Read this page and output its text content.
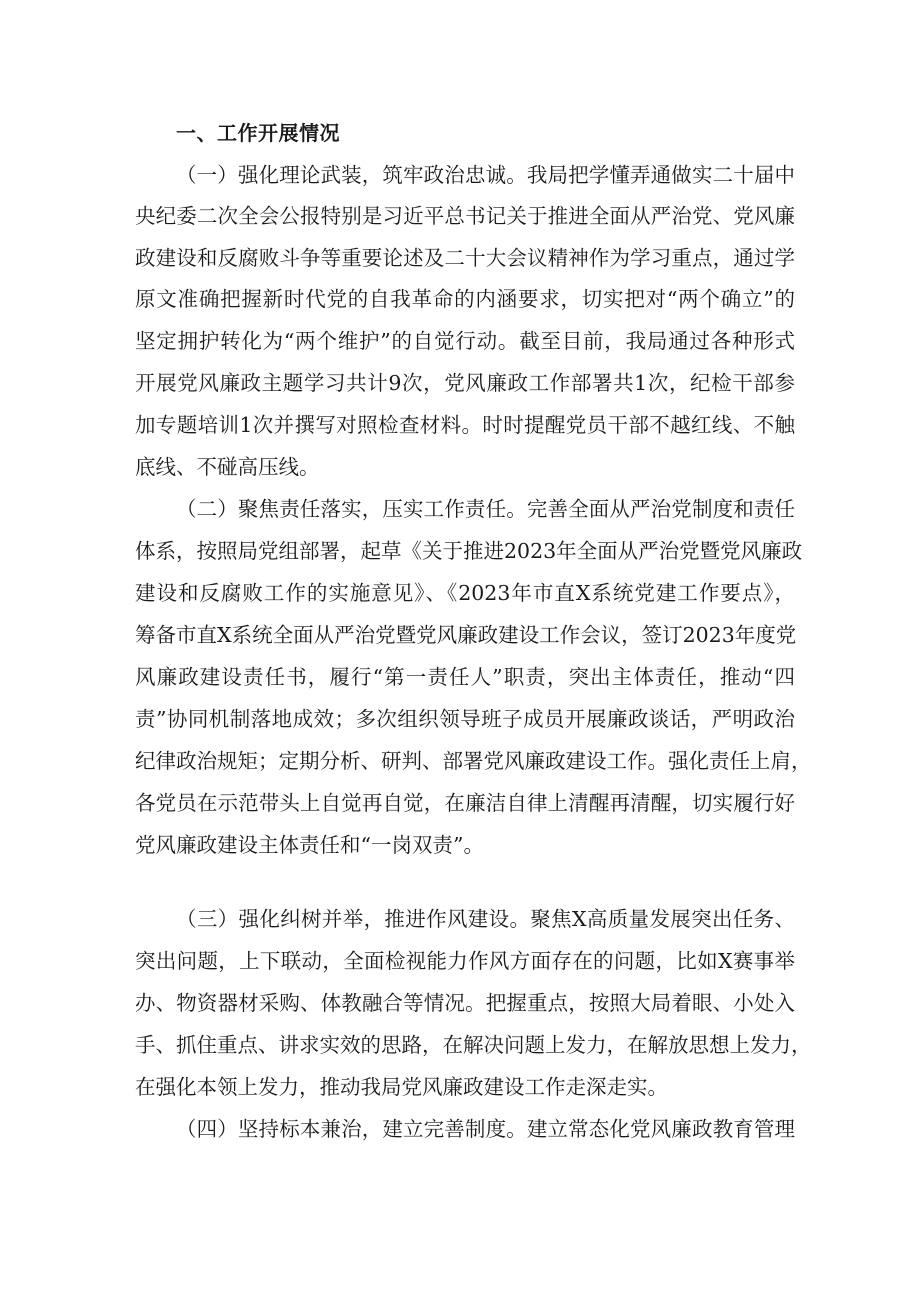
一、工作开展情况
（一）强化理论武装，筑牢政治忠诚。我局把学懂弄通做实二十届中
央纪委二次全会公报特别是习近平总书记关于推进全面从严治党、党风廉
政建设和反腐败斗争等重要论述及二十大会议精神作为学习重点，通过学
原文准确把握新时代党的自我革命的内涵要求，切实把对“两个确立”的
坚定拥护转化为“两个维护”的自觉行动。截至目前，我局通过各种形式
开展党风廉政主题学习共计9次，党风廉政工作部署共1次，纪检干部参
加专题培训1次并撰写对照检查材料。时时提醒党员干部不越红线、不触
底线、不碰高压线。
（二）聚焦责任落实，压实工作责任。完善全面从严治党制度和责任
体系，按照局党组部署，起草《关于推进2023年全面从严治党暨党风廉政
建设和反腐败工作的实施意见》、《2023年市直X系统党建工作要点》，
筹备市直X系统全面从严治党暨党风廉政建设工作会议，签订2023年度党
风廉政建设责任书，履行“第一责任人”职责，突出主体责任，推动“四
责”协同机制落地成效；多次组织领导班子成员开展廉政谈话，严明政治
纪律政治规矩；定期分析、研判、部署党风廉政建设工作。强化责任上肩，
各党员在示范带头上自觉再自觉，在廉洁自律上清醒再清醒，切实履行好
党风廉政建设主体责任和“一岗双责”。
（三）强化纠树并举，推进作风建设。聚焦X高质量发展突出任务、
突出问题，上下联动，全面检视能力作风方面存在的问题，比如X赛事举
办、物资器材采购、体教融合等情况。把握重点，按照大局着眼、小处入
手、抓住重点、讲求实效的思路，在解决问题上发力，在解放思想上发力，
在强化本领上发力，推动我局党风廉政建设工作走深走实。
（四）坚持标本兼治，建立完善制度。建立常态化党风廉政教育管理
